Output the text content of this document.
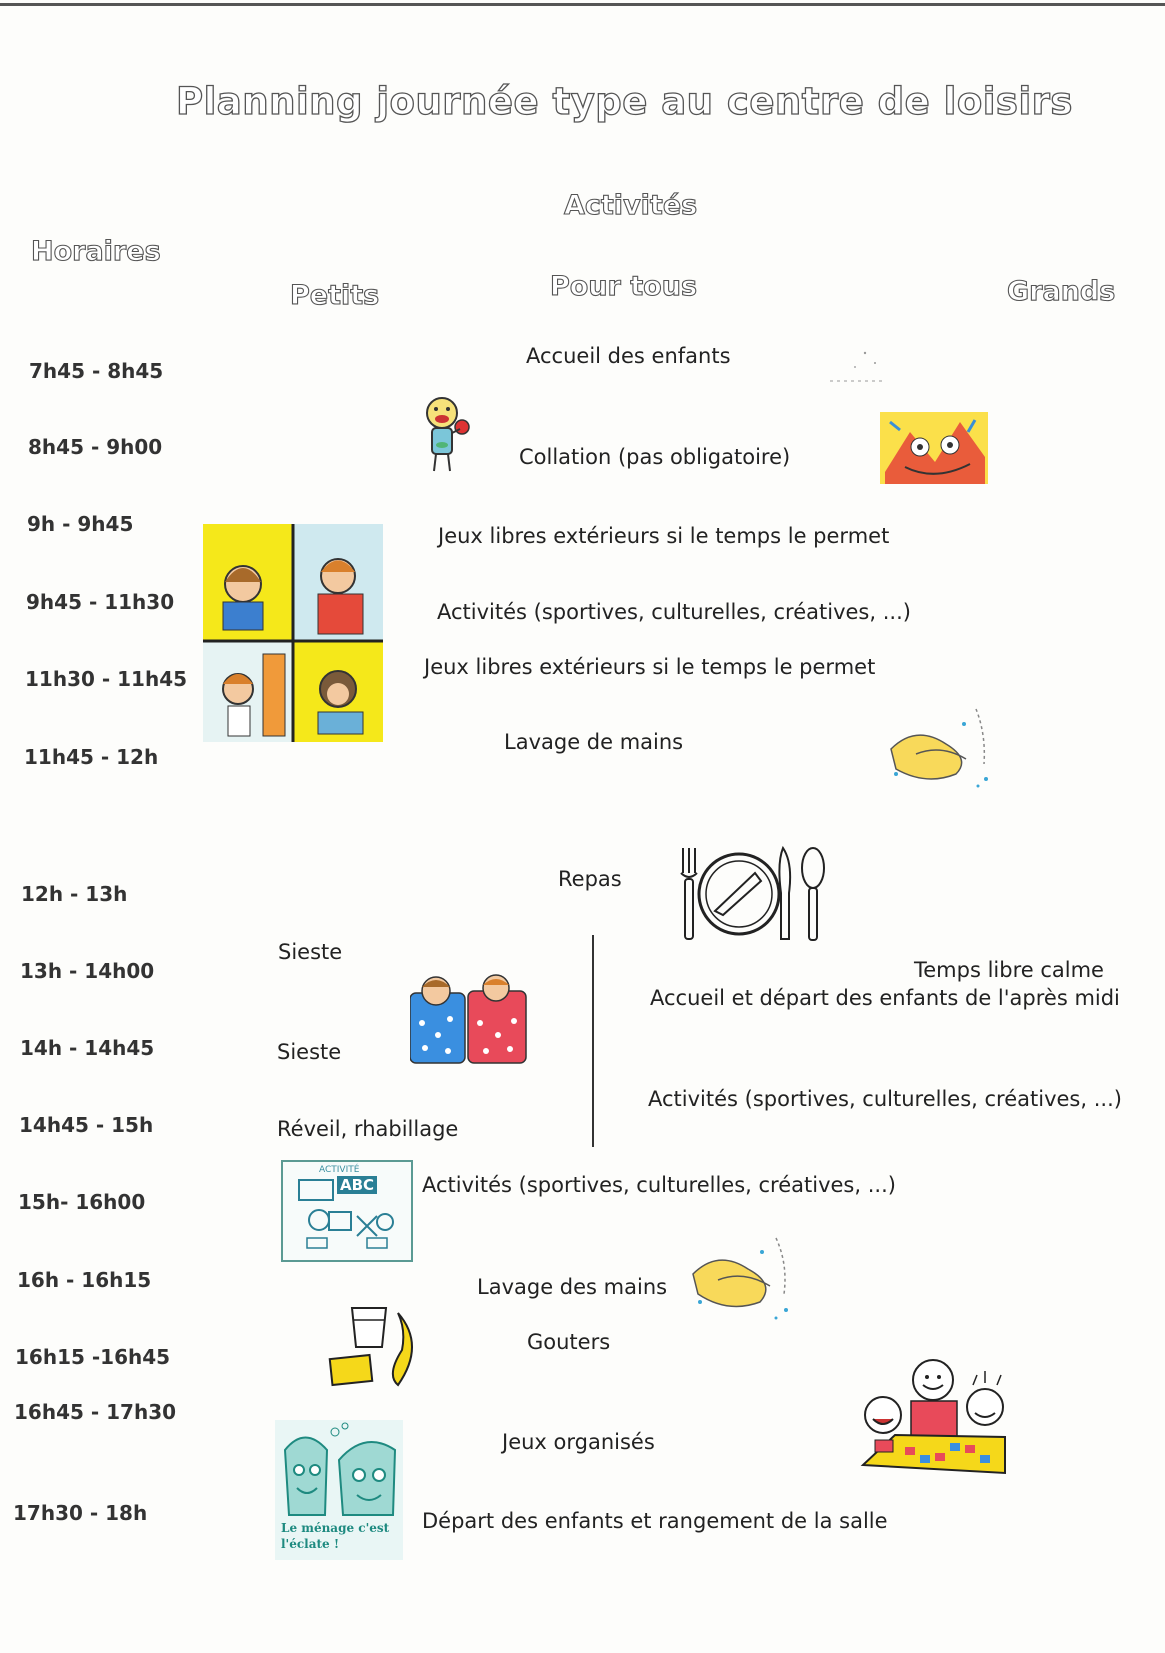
Planning journée type au centre de loisirs
Activités
Horaires
Petits	Pour tous	Grands
7h45 - 8h45
8h45 - 9h00
9h - 9h45
9h45 - 11h30
11h30 - 11h45
11h45 - 12h
12h - 13h
13h - 14h00
14h - 14h45
14h45 - 15h
15h- 16h00
16h - 16h15
16h15 -16h45
16h45 - 17h30
17h30 - 18h
Accueil des enfants
Collation (pas obligatoire)
Jeux libres extérieurs si le temps le permet
Activités (sportives, culturelles, créatives, ...)
Jeux libres extérieurs si le temps le permet
Lavage de mains
Repas
Sieste
Temps libre calme
Accueil et départ des enfants de l'après midi
Sieste
Activités (sportives, culturelles, créatives, ...)
Réveil, rhabillage
Activités (sportives, culturelles, créatives, ...)
Lavage des mains
Gouters
Jeux organisés
Départ des enfants et rangement de la salle
ACTIVITÉ
ABC
Le ménage c'est l'éclate !
